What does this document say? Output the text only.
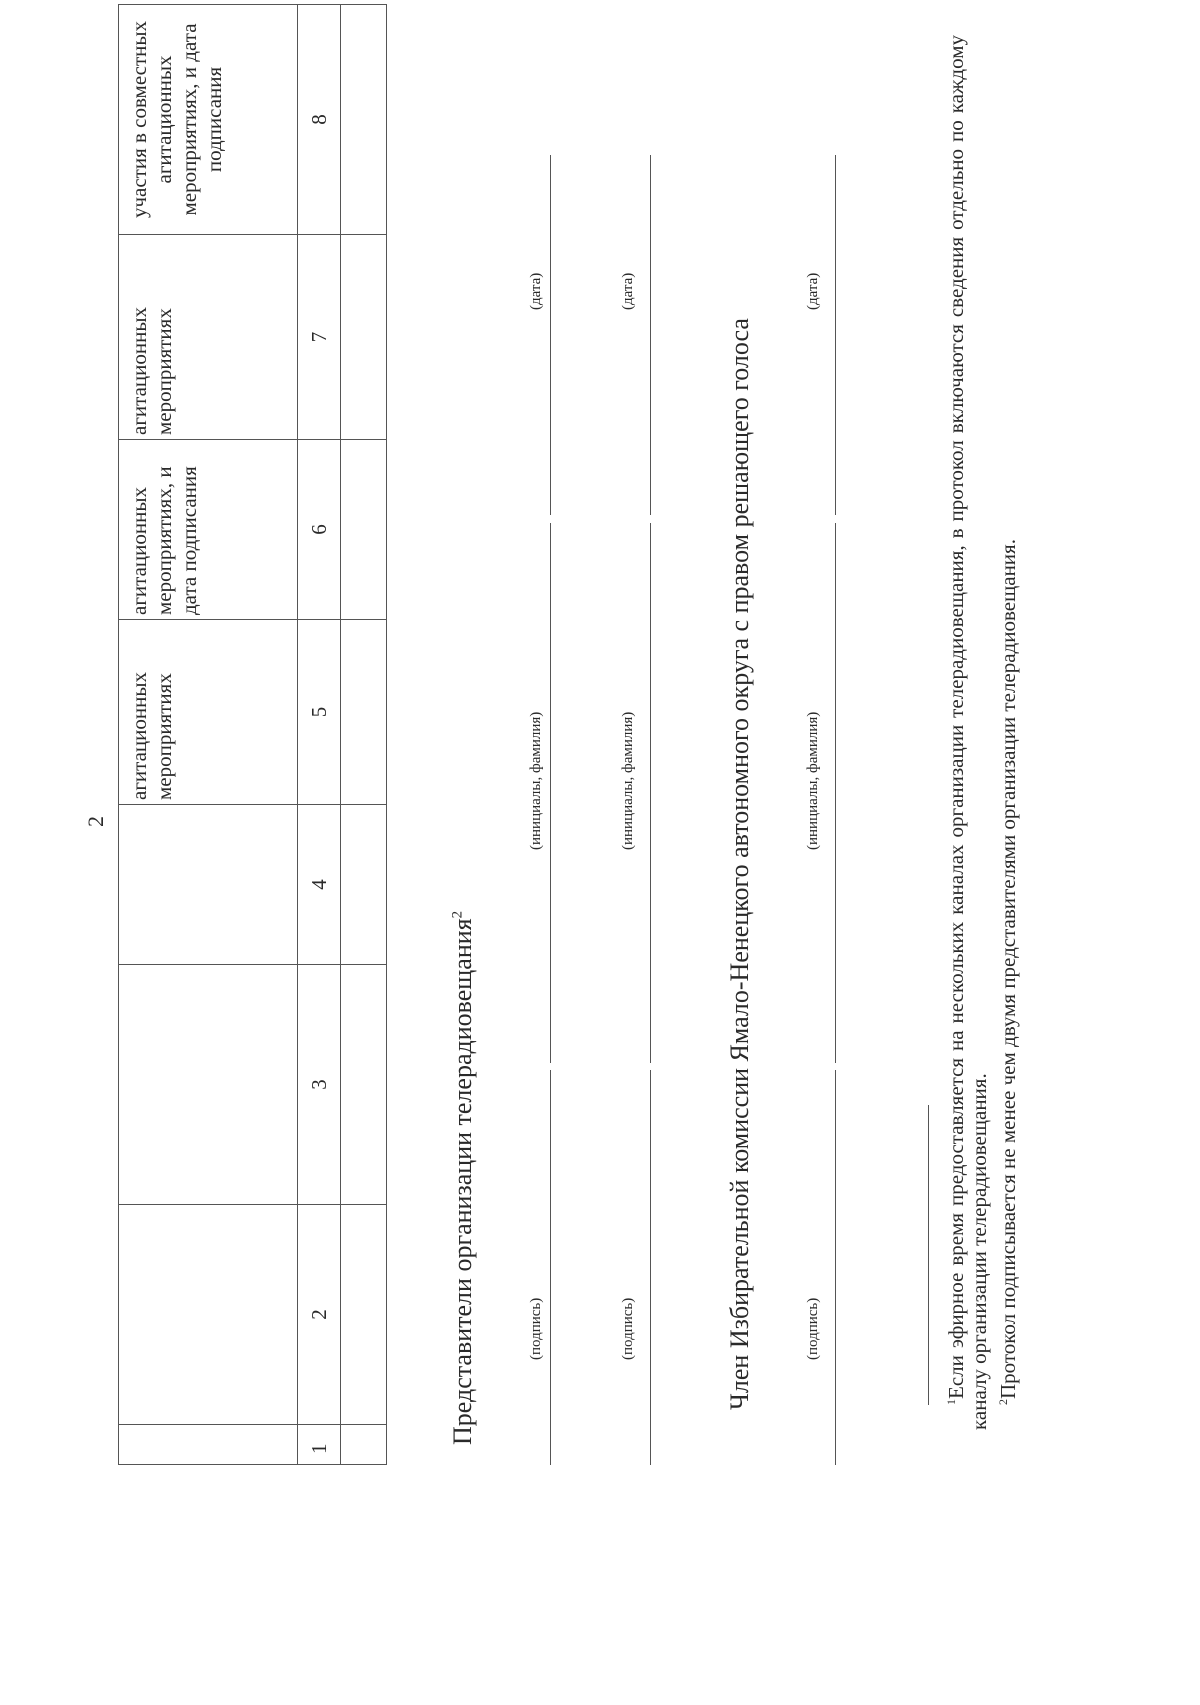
2
				агитационных мероприятиях	агитационных мероприятиях, и дата подписания	агитационных мероприятиях	участия в совместных агитационных мероприятиях, и дата подписания
1	2	3	4	5	6	7	8

Представители организации телерадиовещания$^2$
(подпись)
(инициалы, фамилия)
(дата)
(подпись)
(инициалы, фамилия)
(дата)
Член Избирательной комиссии Ямало-Ненецкого автономного округа с правом решающего голоса	(подпись)
(инициалы, фамилия)
(дата)
$^1$Если эфирное время предоставляется на нескольких каналах организации телерадиовещания, в протокол включаются сведения отдельно по каждому каналу организации телерадиовещания. $^2$Протокол подписывается не менее чем двумя представителями организации телерадиовещания.
